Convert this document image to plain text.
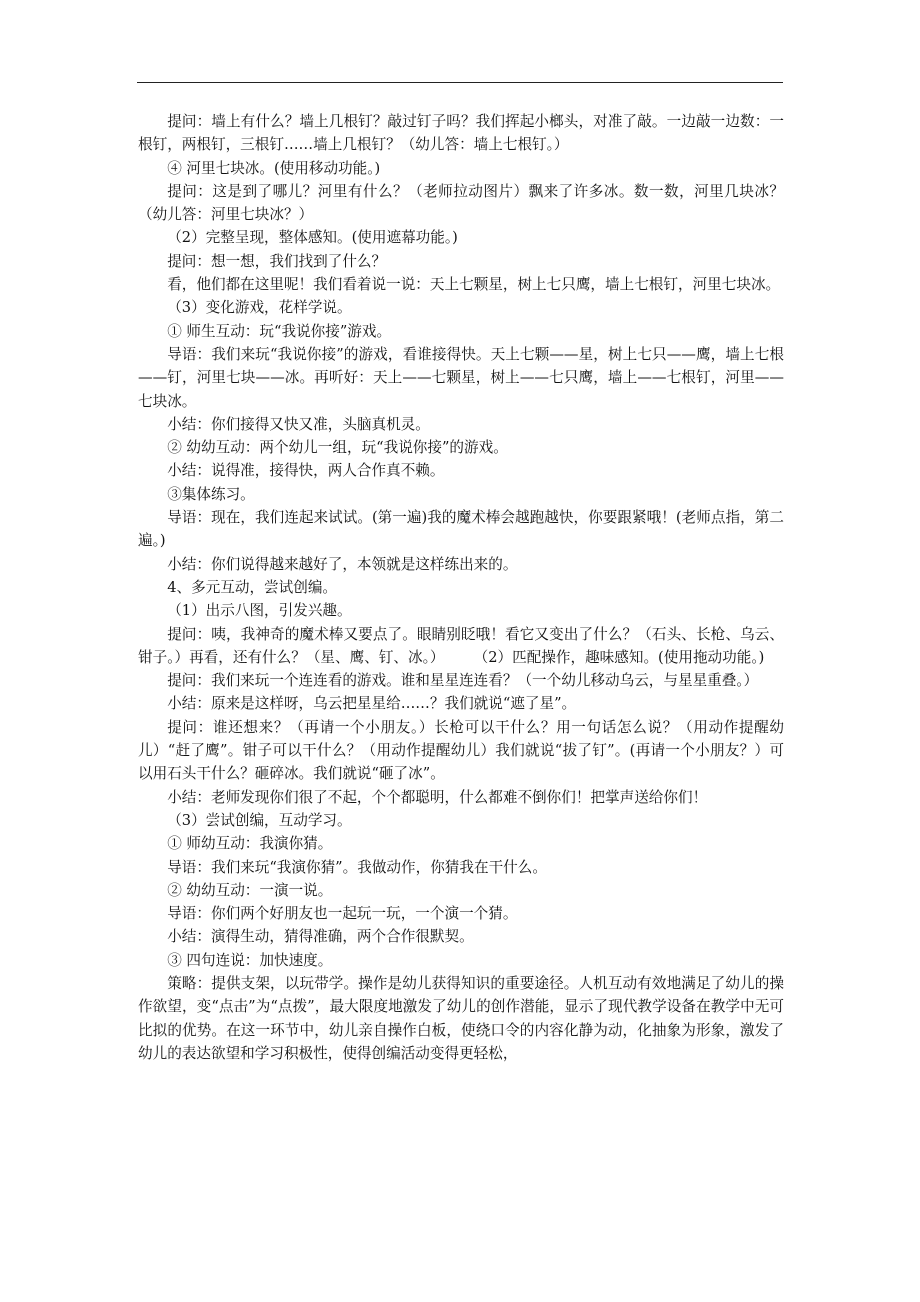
提问：墙上有什么？墙上几根钉？敲过钉子吗？我们挥起小榔头，对准了敲。一边敲一边数：一根钉，两根钉，三根钉……墙上几根钉？（幼儿答：墙上七根钉。）

④ 河里七块冰。(使用移动功能。)

提问：这是到了哪儿？河里有什么？（老师拉动图片）飘来了许多冰。数一数，河里几块冰？（幼儿答：河里七块冰？）

（2）完整呈现，整体感知。(使用遮幕功能。)

提问：想一想，我们找到了什么？

看，他们都在这里呢！我们看着说一说：天上七颗星，树上七只鹰，墙上七根钉，河里七块冰。

（3）变化游戏，花样学说。

① 师生互动：玩“我说你接”游戏。

导语：我们来玩“我说你接”的游戏，看谁接得快。天上七颗——星，树上七只——鹰，墙上七根——钉，河里七块——冰。再听好：天上——七颗星，树上——七只鹰，墙上——七根钉，河里——七块冰。

小结：你们接得又快又准，头脑真机灵。

② 幼幼互动：两个幼儿一组，玩“我说你接”的游戏。

小结：说得准，接得快，两人合作真不赖。

③集体练习。

导语：现在，我们连起来试试。(第一遍)我的魔术棒会越跑越快，你要跟紧哦！(老师点指，第二遍。)

小结：你们说得越来越好了，本领就是这样练出来的。

4、多元互动，尝试创编。

（1）出示八图，引发兴趣。

提问：咦，我神奇的魔术棒又要点了。眼睛别眨哦！看它又变出了什么？（石头、长枪、乌云、钳子。）再看，还有什么？（星、鹰、钉、冰。）　　　（2）匹配操作，趣味感知。(使用拖动功能。)

提问：我们来玩一个连连看的游戏。谁和星星连连看？（一个幼儿移动乌云，与星星重叠。）

小结：原来是这样呀，乌云把星星给……？我们就说“遮了星”。

提问：谁还想来？（再请一个小朋友。）长枪可以干什么？用一句话怎么说？（用动作提醒幼儿）“赶了鹰”。钳子可以干什么？（用动作提醒幼儿）我们就说“拔了钉”。(再请一个小朋友？）可以用石头干什么？砸碎冰。我们就说“砸了冰”。

小结：老师发现你们很了不起，个个都聪明，什么都难不倒你们！把掌声送给你们！

（3）尝试创编，互动学习。

① 师幼互动：我演你猜。

导语：我们来玩“我演你猜”。我做动作，你猜我在干什么。

② 幼幼互动：一演一说。

导语：你们两个好朋友也一起玩一玩，一个演一个猜。

小结：演得生动，猜得准确，两个合作很默契。

③ 四句连说：加快速度。

策略：提供支架，以玩带学。操作是幼儿获得知识的重要途径。人机互动有效地满足了幼儿的操作欲望，变“点击”为“点拨”，最大限度地激发了幼儿的创作潜能，显示了现代教学设备在教学中无可比拟的优势。在这一环节中，幼儿亲自操作白板，使绕口令的内容化静为动，化抽象为形象，激发了幼儿的表达欲望和学习积极性，使得创编活动变得更轻松，
